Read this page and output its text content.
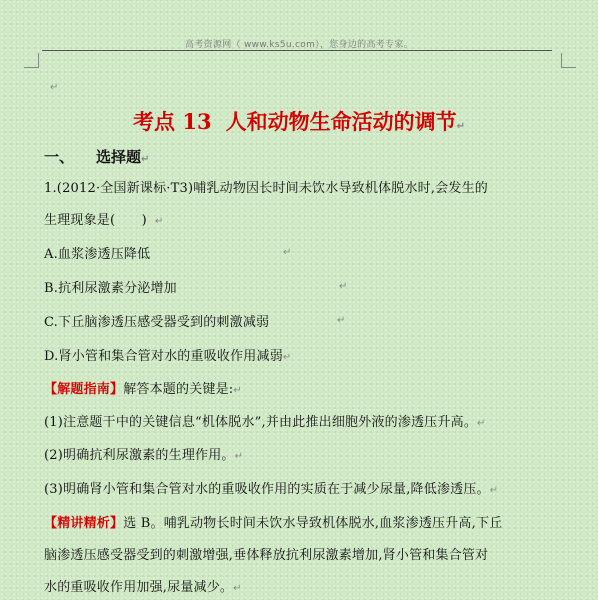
高考资源网（ www.ks5u.com），您身边的高考专家。
↵
考点 13 人和动物生命活动的调节↵
一、 选择题↵
1.(2012·全国新课标·T3)哺乳动物因长时间未饮水导致机体脱水时,会发生的
生理现象是(　　) ↵
A.血浆渗透压降低	↵
B.抗利尿激素分泌增加	↵
C.下丘脑渗透压感受器受到的刺激减弱	↵
D.肾小管和集合管对水的重吸收作用减弱↵
【解题指南】解答本题的关键是:↵
(1)注意题干中的关键信息“机体脱水”,并由此推出细胞外液的渗透压升高。↵
(2)明确抗利尿激素的生理作用。↵
(3)明确肾小管和集合管对水的重吸收作用的实质在于减少尿量,降低渗透压。↵
【精讲精析】选 B。哺乳动物长时间未饮水导致机体脱水,血浆渗透压升高,下丘
脑渗透压感受器受到的刺激增强,垂体释放抗利尿激素增加,肾小管和集合管对
水的重吸收作用加强,尿量减少。↵
